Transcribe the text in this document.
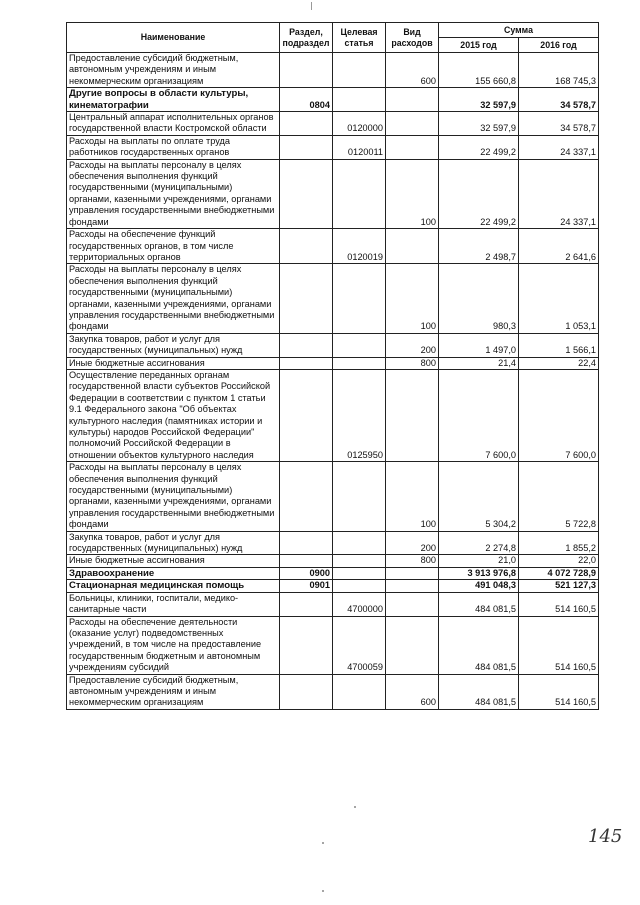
Наименование	Раздел, подраздел	Целевая статья	Вид расходов	Сумма	
				2015 год	2016 год
Предоставление субсидий бюджетным, автономным учреждениям и иным некоммерческим организациям			600	155 660,8	168 745,3
Другие вопросы в области культуры, кинематографии	0804			32 597,9	34 578,7
Центральный аппарат исполнительных органов государственной власти Костромской области		0120000		32 597,9	34 578,7
Расходы на выплаты по оплате труда работников государственных органов		0120011		22 499,2	24 337,1
Расходы на выплаты персоналу в целях обеспечения выполнения функций государственными (муниципальными) органами, казенными учреждениями, органами управления государственными внебюджетными фондами			100	22 499,2	24 337,1
Расходы на обеспечение функций государственных органов, в том числе территориальных органов		0120019		2 498,7	2 641,6
Расходы на выплаты персоналу в целях обеспечения выполнения функций государственными (муниципальными) органами, казенными учреждениями, органами управления государственными внебюджетными фондами			100	980,3	1 053,1
Закупка товаров, работ и услуг для государственных (муниципальных) нужд			200	1 497,0	1 566,1
Иные бюджетные ассигнования			800	21,4	22,4
Осуществление переданных органам государственной власти субъектов Российской Федерации в соответствии с пунктом 1 статьи 9.1 Федерального закона "Об объектах культурного наследия (памятниках истории и культуры) народов Российской Федерации" полномочий Российской Федерации в отношении объектов культурного наследия		0125950		7 600,0	7 600,0
Расходы на выплаты персоналу в целях обеспечения выполнения функций государственными (муниципальными) органами, казенными учреждениями, органами управления государственными внебюджетными фондами			100	5 304,2	5 722,8
Закупка товаров, работ и услуг для государственных (муниципальных) нужд			200	2 274,8	1 855,2
Иные бюджетные ассигнования			800	21,0	22,0
Здравоохранение	0900			3 913 976,8	4 072 728,9
Стационарная медицинская помощь	0901			491 048,3	521 127,3
Больницы, клиники, госпитали, медико-санитарные части		4700000		484 081,5	514 160,5
Расходы на обеспечение деятельности (оказание услуг) подведомственных учреждений, в том числе на предоставление государственным бюджетным и автономным учреждениям субсидий		4700059		484 081,5	514 160,5
Предоставление субсидий бюджетным, автономным учреждениям и иным некоммерческим организациям			600	484 081,5	514 160,5
145
